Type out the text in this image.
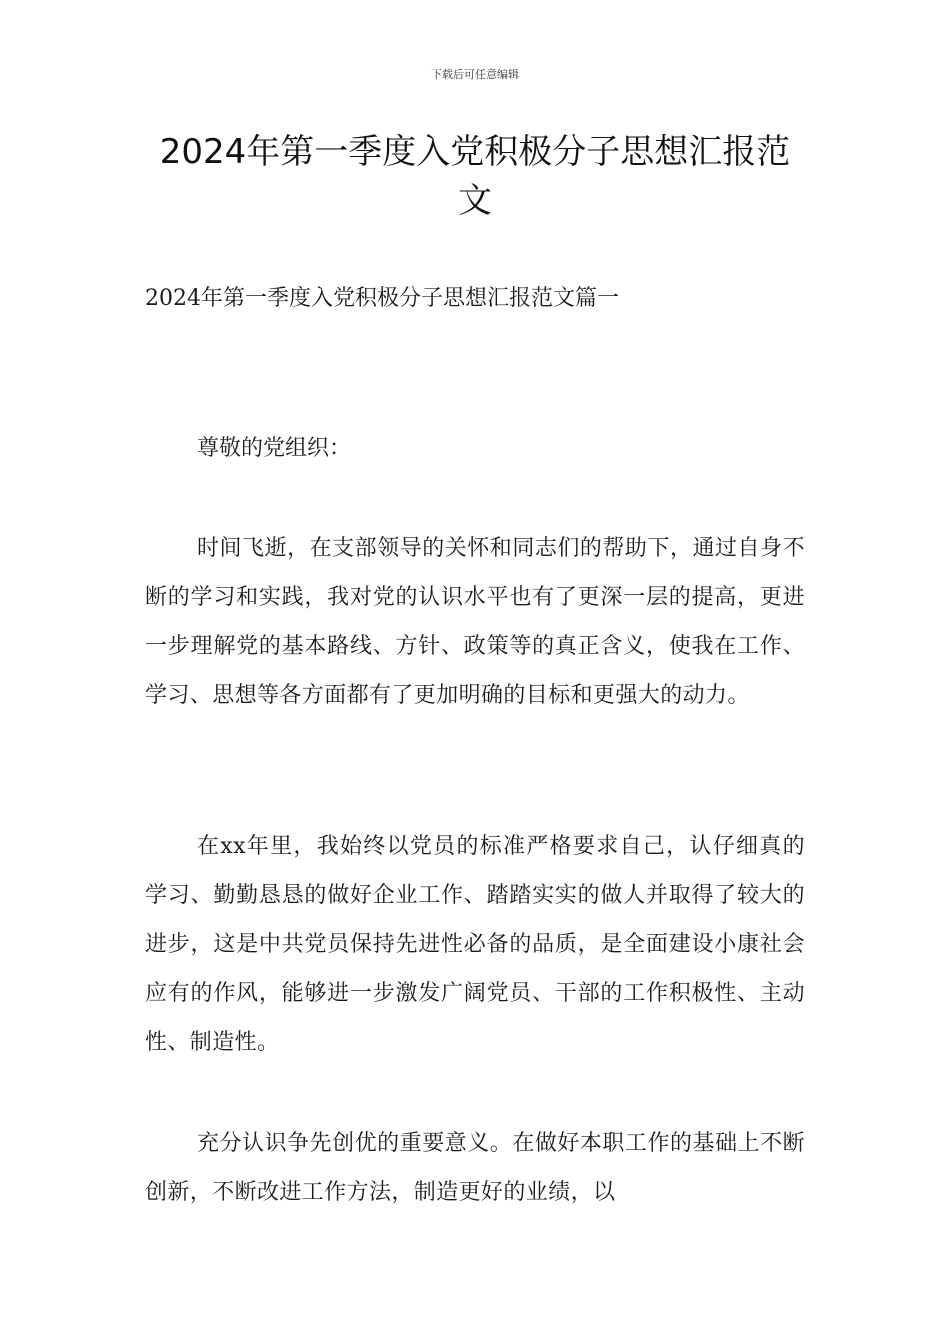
下载后可任意编辑
2024年第一季度入党积极分子思想汇报范文

2024年第一季度入党积极分子思想汇报范文篇一

尊敬的党组织：

时间飞逝，在支部领导的关怀和同志们的帮助下，通过自身不断的学习和实践，我对党的认识水平也有了更深一层的提高，更进一步理解党的基本路线、方针、政策等的真正含义，使我在工作、学习、思想等各方面都有了更加明确的目标和更强大的动力。

在xx年里，我始终以党员的标准严格要求自己，认仔细真的学习、勤勤恳恳的做好企业工作、踏踏实实的做人并取得了较大的进步，这是中共党员保持先进性必备的品质，是全面建设小康社会应有的作风，能够进一步激发广阔党员、干部的工作积极性、主动性、制造性。

充分认识争先创优的重要意义。在做好本职工作的基础上不断创新，不断改进工作方法，制造更好的业绩，以
